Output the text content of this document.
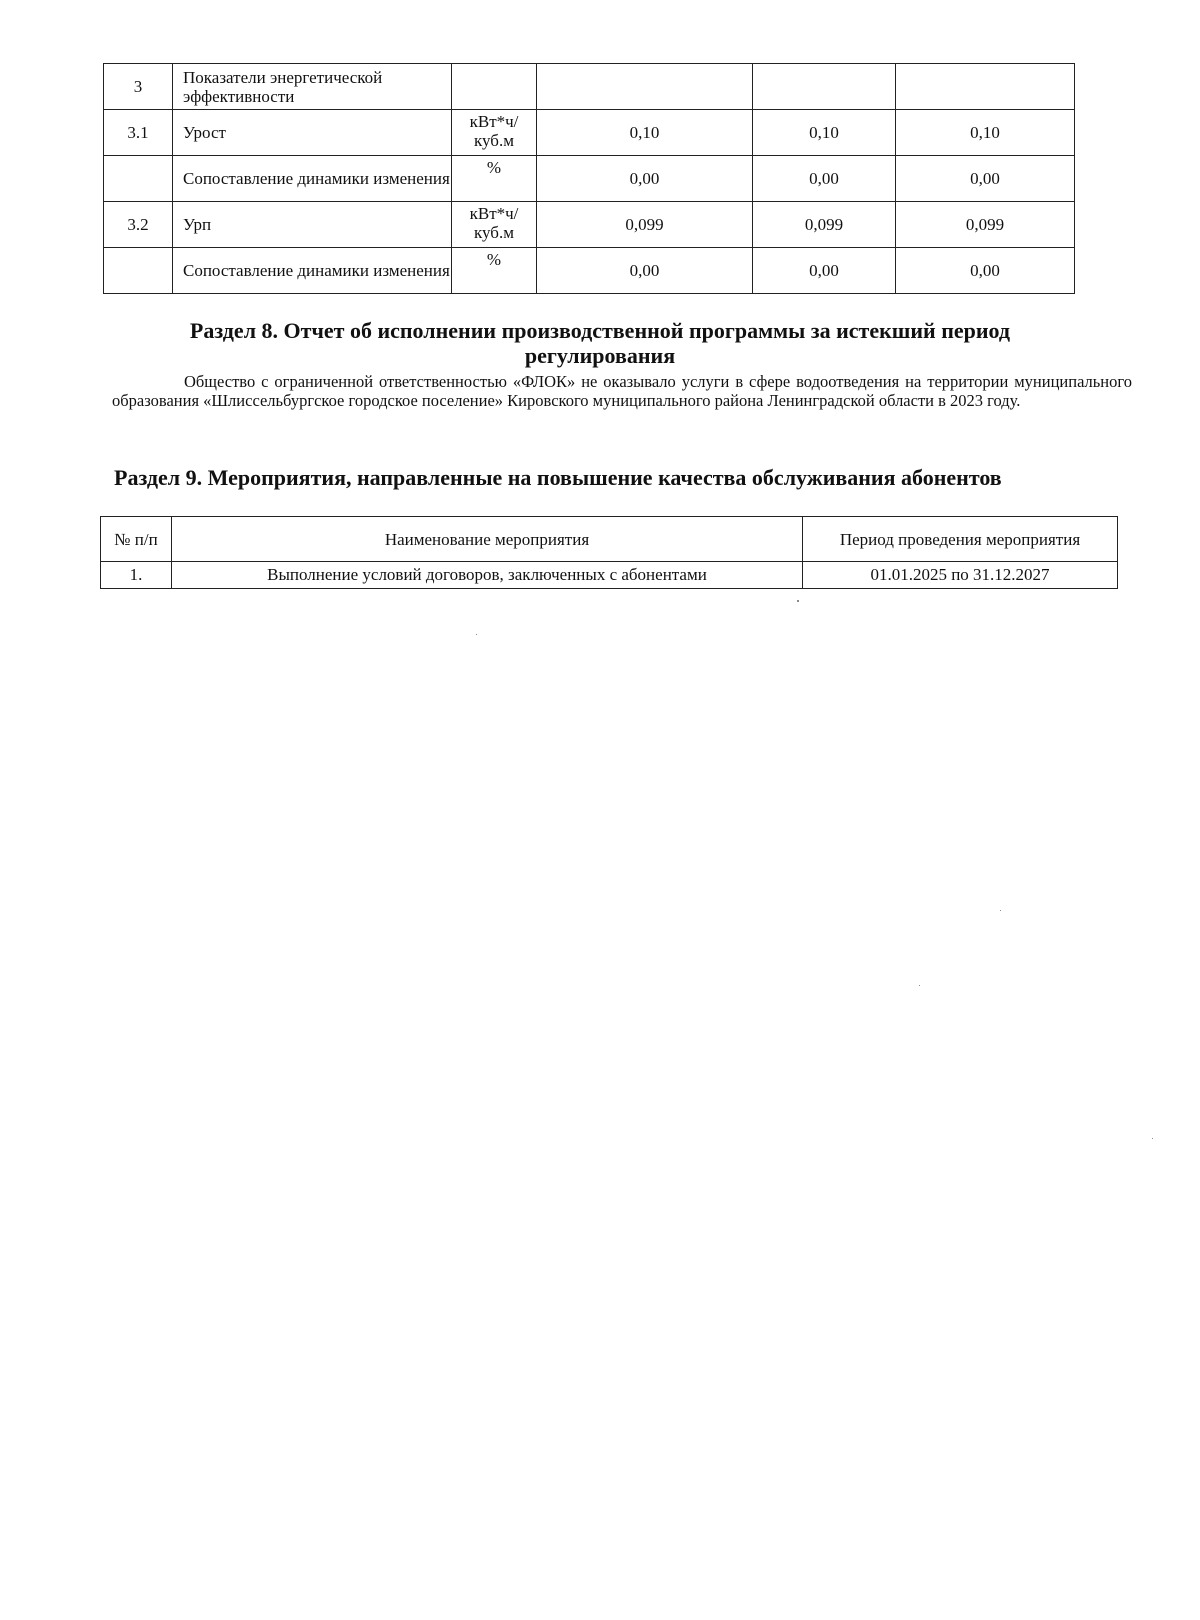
3	Показатели энергетической эффективности				
3.1	Урост	кВт*ч/ куб.м	0,10	0,10	0,10
	Сопоставление динамики изменения	%	0,00	0,00	0,00
3.2	Урп	кВт*ч/ куб.м	0,099	0,099	0,099
	Сопоставление динамики изменения	%	0,00	0,00	0,00
Раздел 8. Отчет об исполнении производственной программы за истекший период регулирования
Общество с ограниченной ответственностью «ФЛОК» не оказывало услуги в сфере водоотведения на территории муниципального образования «Шлиссельбургское городское поселение» Кировского муниципального района Ленинградской области в 2023 году.
Раздел 9. Мероприятия, направленные на повышение качества обслуживания абонентов
№ п/п	Наименование мероприятия	Период проведения мероприятия
1.	Выполнение условий договоров, заключенных с абонентами	01.01.2025 по 31.12.2027
